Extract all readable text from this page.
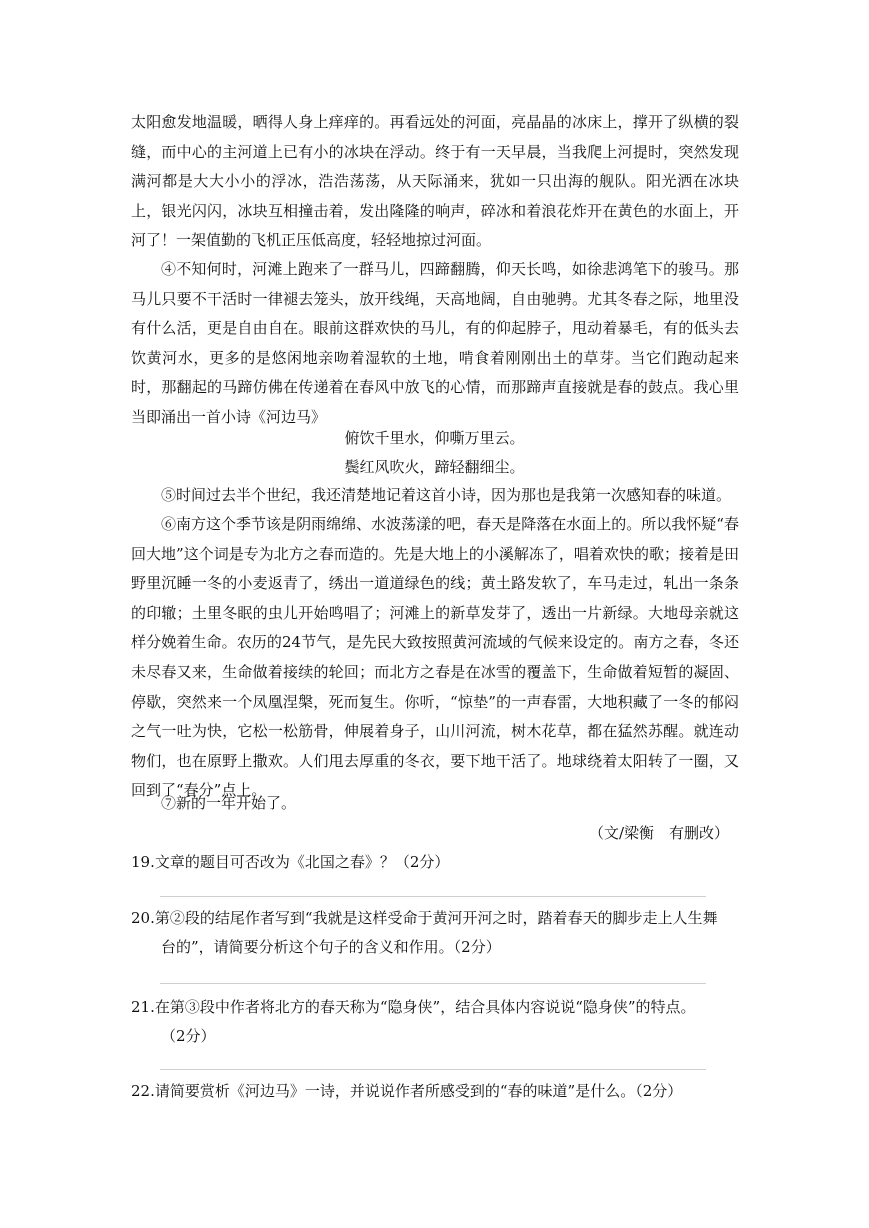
太阳愈发地温暖，晒得人身上痒痒的。再看远处的河面，亮晶晶的冰床上，撑开了纵横的裂缝，而中心的主河道上已有小的冰块在浮动。终于有一天早晨，当我爬上河提时，突然发现满河都是大大小小的浮冰，浩浩荡荡，从天际涌来，犹如一只出海的舰队。阳光洒在冰块上，银光闪闪，冰块互相撞击着，发出隆隆的响声，碎冰和着浪花炸开在黄色的水面上，开河了！一架值勤的飞机正压低高度，轻轻地掠过河面。

④不知何时，河滩上跑来了一群马儿，四蹄翻腾，仰天长鸣，如徐悲鸿笔下的骏马。那马儿只要不干活时一律褪去笼头，放开线绳，天高地阔，自由驰骋。尤其冬春之际，地里没有什么活，更是自由自在。眼前这群欢快的马儿，有的仰起脖子，甩动着暴毛，有的低头去饮黄河水，更多的是悠闲地亲吻着湿软的土地，啃食着刚刚出土的草芽。当它们跑动起来时，那翻起的马蹄仿佛在传递着在春风中放飞的心情，而那蹄声直接就是春的鼓点。我心里当即涌出一首小诗《河边马》

俯饮千里水，仰嘶万里云。
鬓红风吹火，蹄轻翻细尘。

⑤时间过去半个世纪，我还清楚地记着这首小诗，因为那也是我第一次感知春的味道。

⑥南方这个季节该是阴雨绵绵、水波荡漾的吧，春天是降落在水面上的。所以我怀疑“春回大地”这个词是专为北方之春而造的。先是大地上的小溪解冻了，唱着欢快的歌；接着是田野里沉睡一冬的小麦返青了，绣出一道道绿色的线；黄土路发软了，车马走过，轧出一条条的印辙；土里冬眠的虫儿开始鸣唱了；河滩上的新草发芽了，透出一片新绿。大地母亲就这样分娩着生命。农历的24节气，是先民大致按照黄河流域的气候来设定的。南方之春，冬还未尽春又来，生命做着接续的轮回；而北方之春是在冰雪的覆盖下，生命做着短暂的凝固、停歇，突然来一个凤凰涅槃，死而复生。你听，“惊垫”的一声春雷，大地积藏了一冬的郁闷之气一吐为快，它松一松筋骨，伸展着身子，山川河流，树木花草，都在猛然苏醒。就连动物们，也在原野上撒欢。人们甩去厚重的冬衣，要下地干活了。地球绕着太阳转了一圈，又回到了“春分”点上。

⑦新的一年开始了。

（文/梁衡　有删改）
19.文章的题目可否改为《北国之春》？（2分）
20.第②段的结尾作者写到“我就是这样受命于黄河开河之时，踏着春天的脚步走上人生舞
台的”，请简要分析这个句子的含义和作用。（2分）
21.在第③段中作者将北方的春天称为“隐身侠”，结合具体内容说说“隐身侠”的特点。
（2分）
22.请简要赏析《河边马》一诗，并说说作者所感受到的“春的味道”是什么。（2分）
